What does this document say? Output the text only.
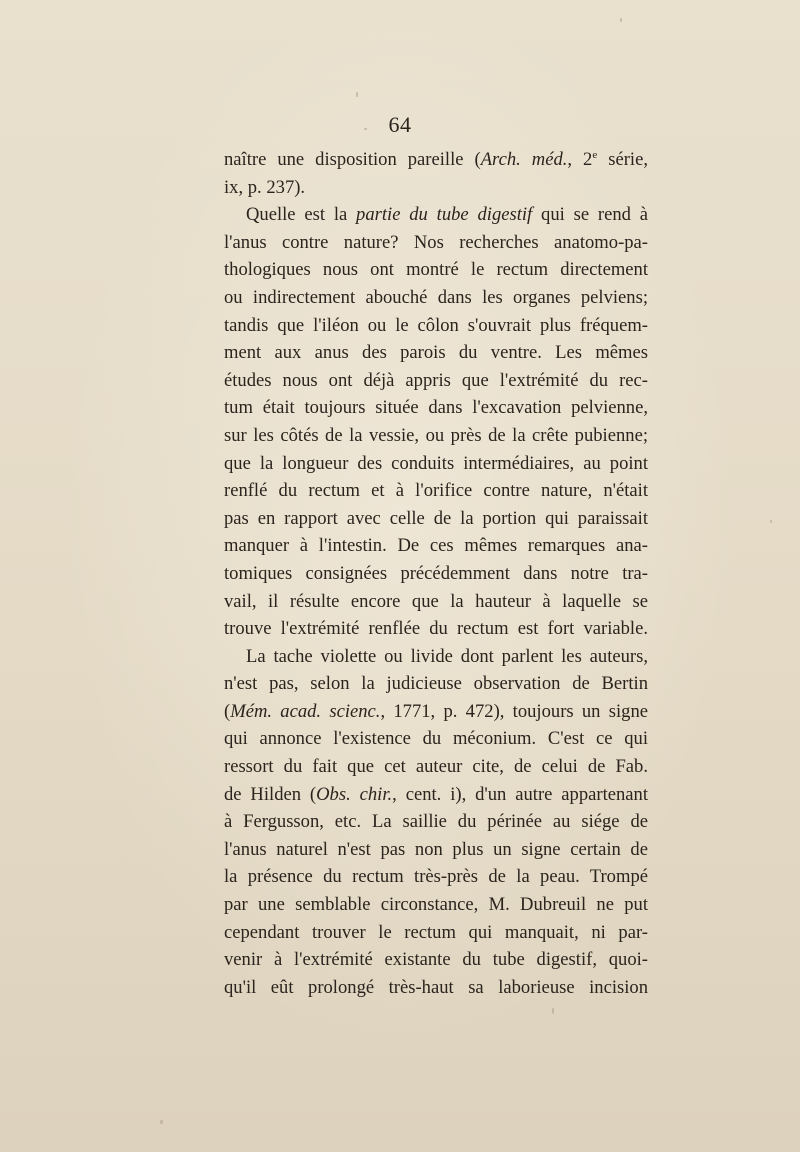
64
naître une disposition pareille (Arch. méd., 2e série,
ix, p. 237).
Quelle est la partie du tube digestif qui se rend à
l'anus contre nature? Nos recherches anatomo-pa-
thologiques nous ont montré le rectum directement
ou indirectement abouché dans les organes pelviens;
tandis que l'iléon ou le côlon s'ouvrait plus fréquem-
ment aux anus des parois du ventre. Les mêmes
études nous ont déjà appris que l'extrémité du rec-
tum était toujours située dans l'excavation pelvienne,
sur les côtés de la vessie, ou près de la crête pubienne;
que la longueur des conduits intermédiaires, au point
renflé du rectum et à l'orifice contre nature, n'était
pas en rapport avec celle de la portion qui paraissait
manquer à l'intestin. De ces mêmes remarques ana-
tomiques consignées précédemment dans notre tra-
vail, il résulte encore que la hauteur à laquelle se
trouve l'extrémité renflée du rectum est fort variable.
La tache violette ou livide dont parlent les auteurs,
n'est pas, selon la judicieuse observation de Bertin
(Mém. acad. scienc., 1771, p. 472), toujours un signe
qui annonce l'existence du méconium. C'est ce qui
ressort du fait que cet auteur cite, de celui de Fab.
de Hilden (Obs. chir., cent. i), d'un autre appartenant
à Fergusson, etc. La saillie du périnée au siége de
l'anus naturel n'est pas non plus un signe certain de
la présence du rectum très-près de la peau. Trompé
par une semblable circonstance, M. Dubreuil ne put
cependant trouver le rectum qui manquait, ni par-
venir à l'extrémité existante du tube digestif, quoi-
qu'il eût prolongé très-haut sa laborieuse incision
